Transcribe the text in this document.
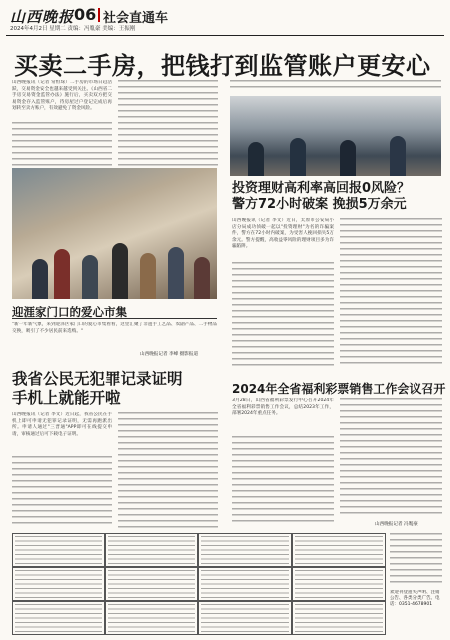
山西晚报 06 社会直通车
2024年4月2日 星期二 责编：冯胤豪 美编：王振刚
买卖二手房，把钱打到监管账户更安心

山西晚报讯（记者 常恒琛）二手房的市场日趋活跃，交易资金安全也越来越受到关注。《山西省二手房交易资金监管办法》施行后，买卖双方把交易资金存入监管账户，待房屋过户登记完成后再划转至卖方账户，有效避免了资金风险。

迎涯家门口的爱心市集

"新一年新气象，来到迎泽区家门口的爱心市集看看，这里汇聚了非遗手工艺品、农副产品、二手物品交换，吸引了不少居民前来选购。"

山西晚报记者 李峰 摄影报道
投资理财高利率高回报0风险？
警方72小时破案 挽损5万余元

山西晚报讯（记者 李文）近日，太原市公安局小店分局成功侦破一起以"投资理财"为名的诈骗案件，警方在72小时内破案，为受害人挽回损失5万余元。警方提醒，高收益零风险的理财项目多为诈骗陷阱。

我省公民无犯罪记录证明
手机上就能开啦

山西晚报讯（记者 李文）近日起，我省公民在手机上即可申请无犯罪记录证明，无需再跑派出所。申请人通过"三晋通"APP即可在线提交申请，审核通过后可下载电子证明。

2024年全省福利彩票销售工作会议召开

3月28日，山西省福利彩票发行中心召开2024年全省福利彩票销售工作会议，总结2023年工作，部署2024年重点任务。

山西晚报记者 冯胤豪

欢迎刊登遗失声明、注销公告、各类分类广告。电话：0351-4678901
